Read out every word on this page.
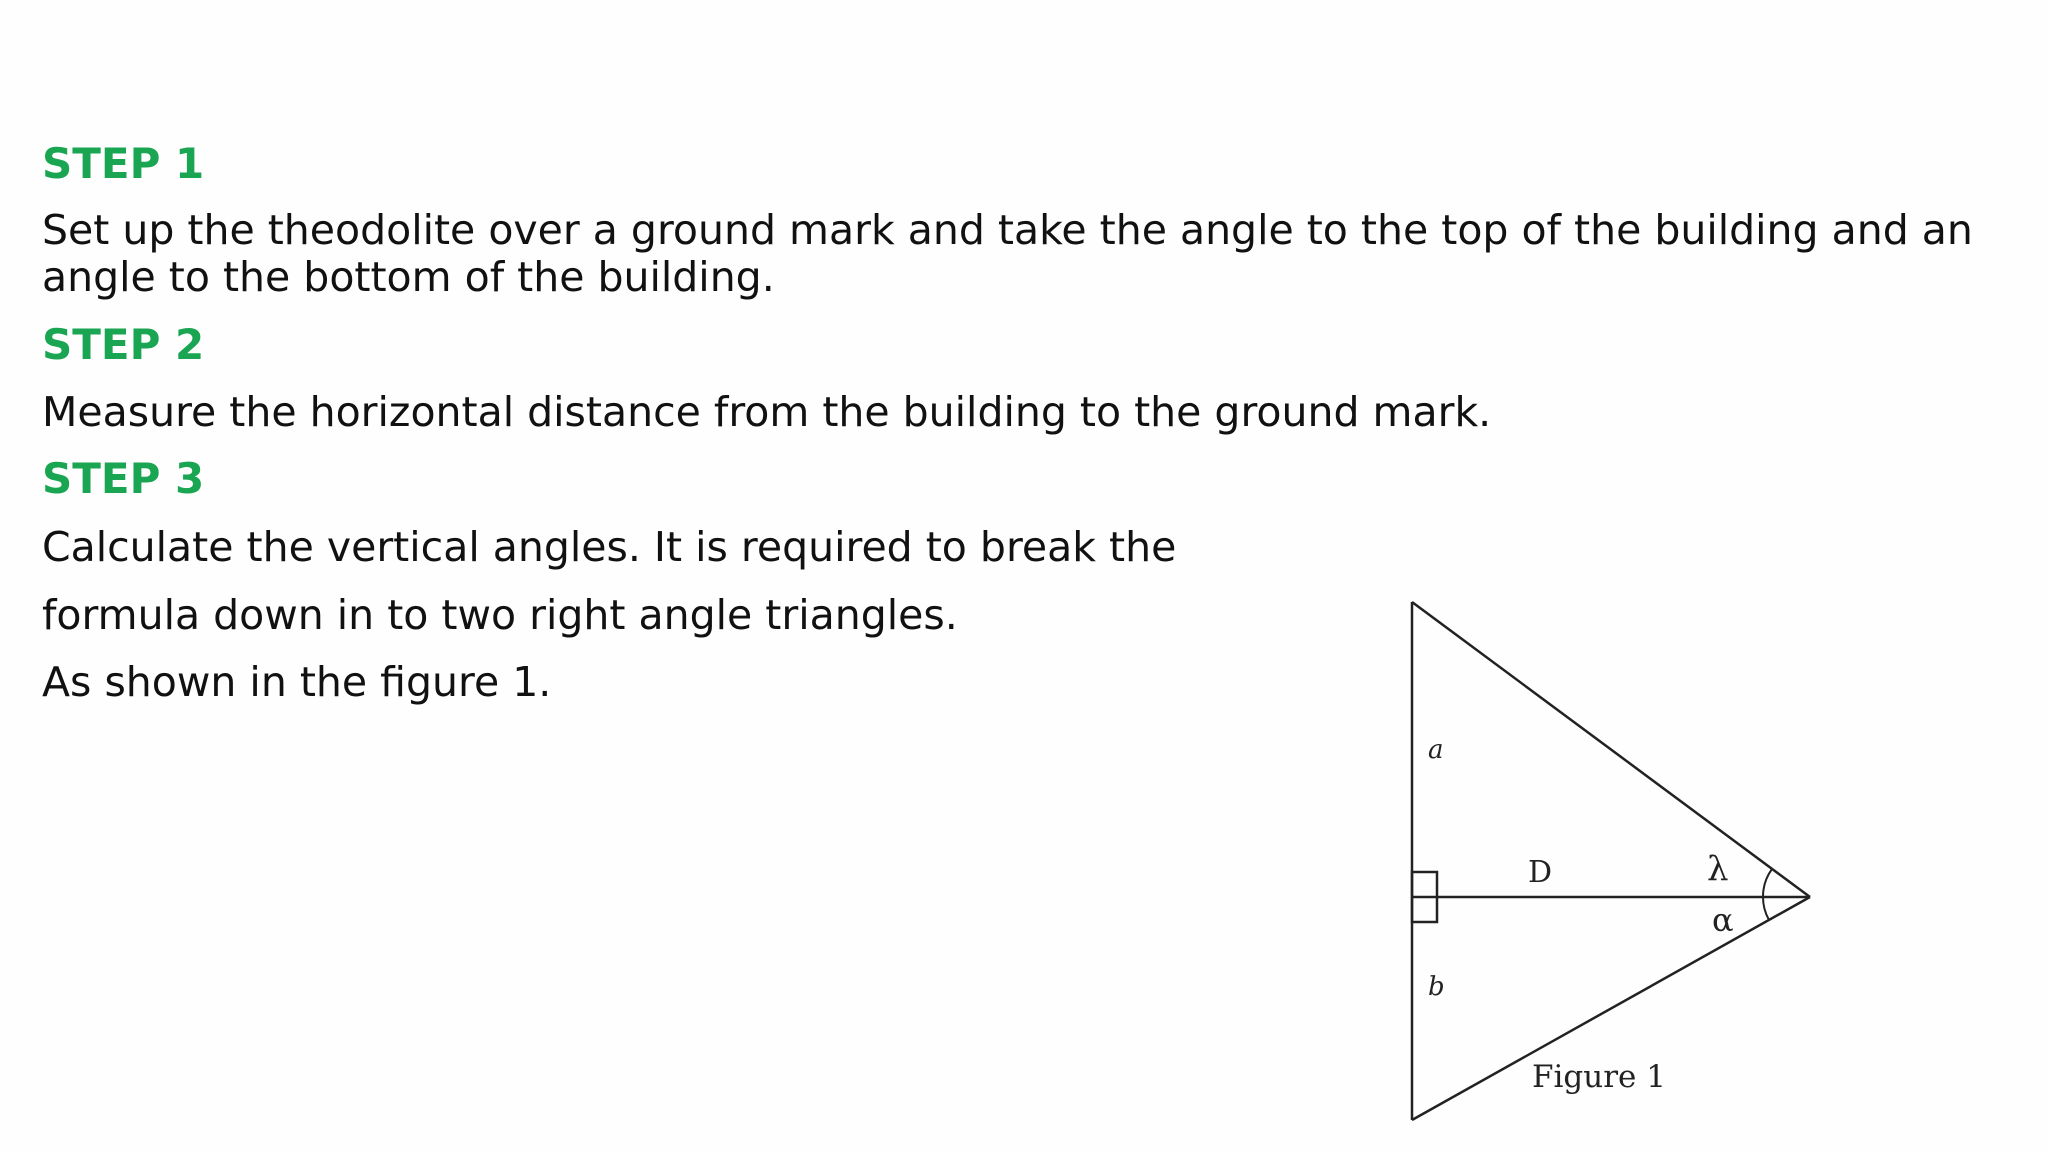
STEP 1

Set up the theodolite over a ground mark and take the angle to the top of the building and an angle to the bottom of the building.

STEP 2

Measure the horizontal distance from the building to the ground mark.

STEP 3

Calculate the vertical angles. It is required to break the

formula down in to two right angle triangles.

As shown in the figure 1.

a
b
D	λ
α
Figure 1
